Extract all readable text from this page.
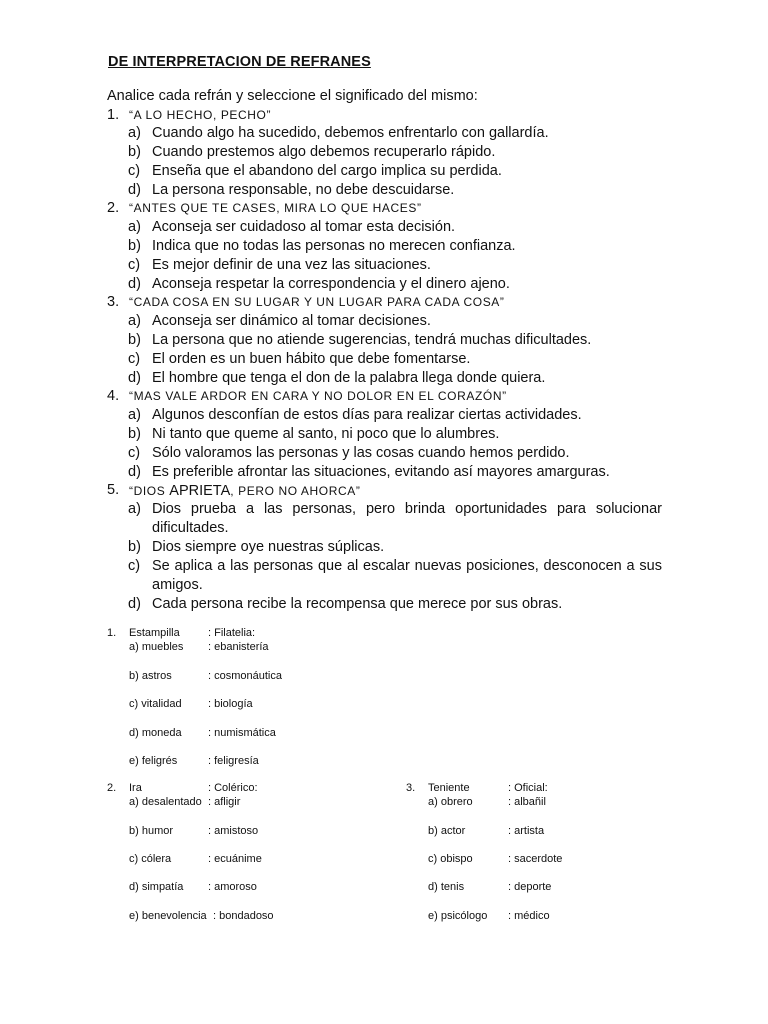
DE INTERPRETACION DE REFRANES
Analice cada refrán y seleccione el significado del mismo:
1. “A LO HECHO, PECHO”
a) Cuando algo ha sucedido, debemos enfrentarlo con gallardía.
b) Cuando prestemos algo debemos recuperarlo rápido.
c) Enseña que el abandono del cargo implica su perdida.
d) La persona responsable, no debe descuidarse.
2. “ANTES QUE TE CASES, MIRA LO QUE HACES”
a) Aconseja ser cuidadoso al tomar esta decisión.
b) Indica que no todas las personas no merecen confianza.
c) Es mejor definir de una vez las situaciones.
d) Aconseja respetar la correspondencia y el dinero ajeno.
3. “CADA COSA EN SU LUGAR Y UN LUGAR PARA CADA COSA”
a) Aconseja ser dinámico al tomar decisiones.
b) La persona que no atiende sugerencias, tendrá muchas dificultades.
c) El orden es un buen hábito que debe fomentarse.
d) El hombre que tenga el don de la palabra llega donde quiera.
4. “MAS VALE ARDOR EN CARA Y NO DOLOR EN EL CORAZÓN”
a) Algunos desconfían de estos días para realizar ciertas actividades.
b) Ni tanto que queme al santo, ni poco que lo alumbres.
c) Sólo valoramos las personas y las cosas cuando hemos perdido.
d) Es preferible afrontar las situaciones, evitando así mayores amarguras.
5. “DIOS APRIETA, PERO NO AHORCA”
a) Dios prueba a las personas, pero brinda oportunidades para solucionar dificultades.
b) Dios siempre oye nuestras súplicas.
c) Se aplica a las personas que al escalar nuevas posiciones, desconocen a sus amigos.
d) Cada persona recibe la recompensa que merece por sus obras.
1. Estampilla	: Filatelia:
a) muebles : ebanistería
b) astros	: cosmonáutica
c) vitalidad : biología
d) moneda : numismática
e) feligrés	: feligresía
2. Ira	: Colérico:
a) desalentado : afligir
b) humor	: amistoso
c) cólera	: ecuánime
d) simpatía : amoroso
e) benevolencia : bondadoso
3. Teniente	: Oficial:
a) obrero	: albañil
b) actor	: artista
c) obispo	: sacerdote
d) tenis	: deporte
e) psicólogo : médico
